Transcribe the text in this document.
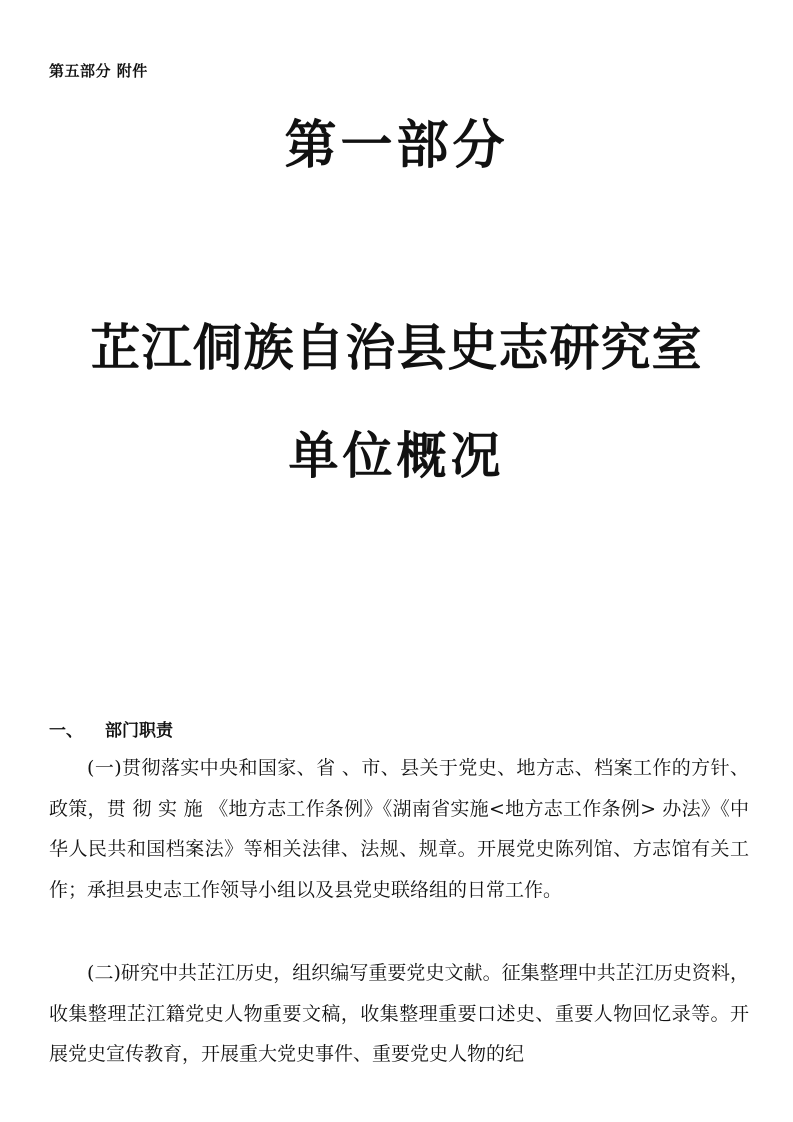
第五部分 附件
第一部分
芷江侗族自治县史志研究室
单位概况
一、 部门职责

(一)贯彻落实中央和国家、省 、市、县关于党史、地方志、档案工作的方针、政策，贯 彻 实 施 《地方志工作条例》《湖南省实施<地方志工作条例> 办法》《中华人民共和国档案法》等相关法律、法规、规章。开展党史陈列馆、方志馆有关工作；承担县史志工作领导小组以及县党史联络组的日常工作。

(二)研究中共芷江历史，组织编写重要党史文献。征集整理中共芷江历史资料，收集整理芷江籍党史人物重要文稿，收集整理重要口述史、重要人物回忆录等。开展党史宣传教育，开展重大党史事件、重要党史人物的纪
